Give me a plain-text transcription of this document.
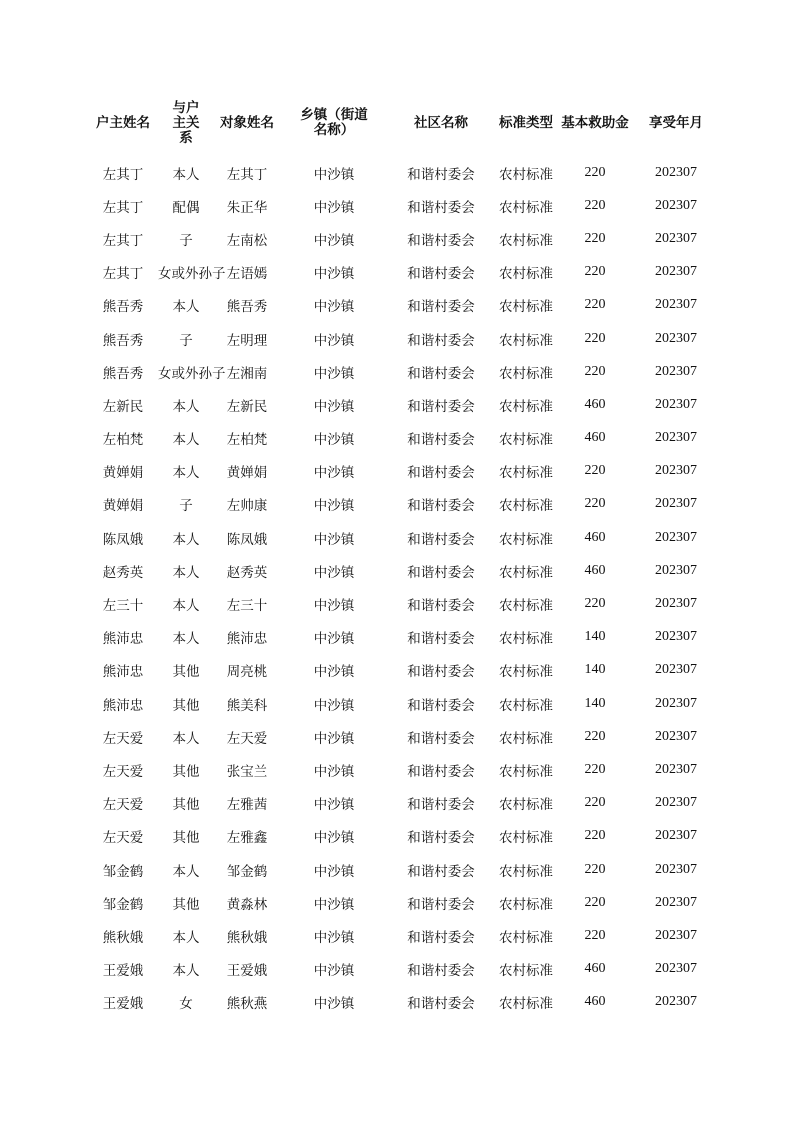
户主姓名	与户主关系	对象姓名	乡镇（街道名称）	社区名称	标准类型	基本救助金	享受年月
左其丁	本人	左其丁	中沙镇	和谐村委会	农村标准	220	202307
左其丁	配偶	朱正华	中沙镇	和谐村委会	农村标准	220	202307
左其丁	子	左南松	中沙镇	和谐村委会	农村标准	220	202307
左其丁	女或外孙子	左语嫣	中沙镇	和谐村委会	农村标准	220	202307
熊吾秀	本人	熊吾秀	中沙镇	和谐村委会	农村标准	220	202307
熊吾秀	子	左明理	中沙镇	和谐村委会	农村标准	220	202307
熊吾秀	女或外孙子	左湘南	中沙镇	和谐村委会	农村标准	220	202307
左新民	本人	左新民	中沙镇	和谐村委会	农村标准	460	202307
左柏梵	本人	左柏梵	中沙镇	和谐村委会	农村标准	460	202307
黄婵娟	本人	黄婵娟	中沙镇	和谐村委会	农村标准	220	202307
黄婵娟	子	左帅康	中沙镇	和谐村委会	农村标准	220	202307
陈凤娥	本人	陈凤娥	中沙镇	和谐村委会	农村标准	460	202307
赵秀英	本人	赵秀英	中沙镇	和谐村委会	农村标准	460	202307
左三十	本人	左三十	中沙镇	和谐村委会	农村标准	220	202307
熊沛忠	本人	熊沛忠	中沙镇	和谐村委会	农村标准	140	202307
熊沛忠	其他	周亮桃	中沙镇	和谐村委会	农村标准	140	202307
熊沛忠	其他	熊美科	中沙镇	和谐村委会	农村标准	140	202307
左天爱	本人	左天爱	中沙镇	和谐村委会	农村标准	220	202307
左天爱	其他	张宝兰	中沙镇	和谐村委会	农村标准	220	202307
左天爱	其他	左雅茜	中沙镇	和谐村委会	农村标准	220	202307
左天爱	其他	左雅鑫	中沙镇	和谐村委会	农村标准	220	202307
邹金鹤	本人	邹金鹤	中沙镇	和谐村委会	农村标准	220	202307
邹金鹤	其他	黄淼林	中沙镇	和谐村委会	农村标准	220	202307
熊秋娥	本人	熊秋娥	中沙镇	和谐村委会	农村标准	220	202307
王爱娥	本人	王爱娥	中沙镇	和谐村委会	农村标准	460	202307
王爱娥	女	熊秋燕	中沙镇	和谐村委会	农村标准	460	202307
